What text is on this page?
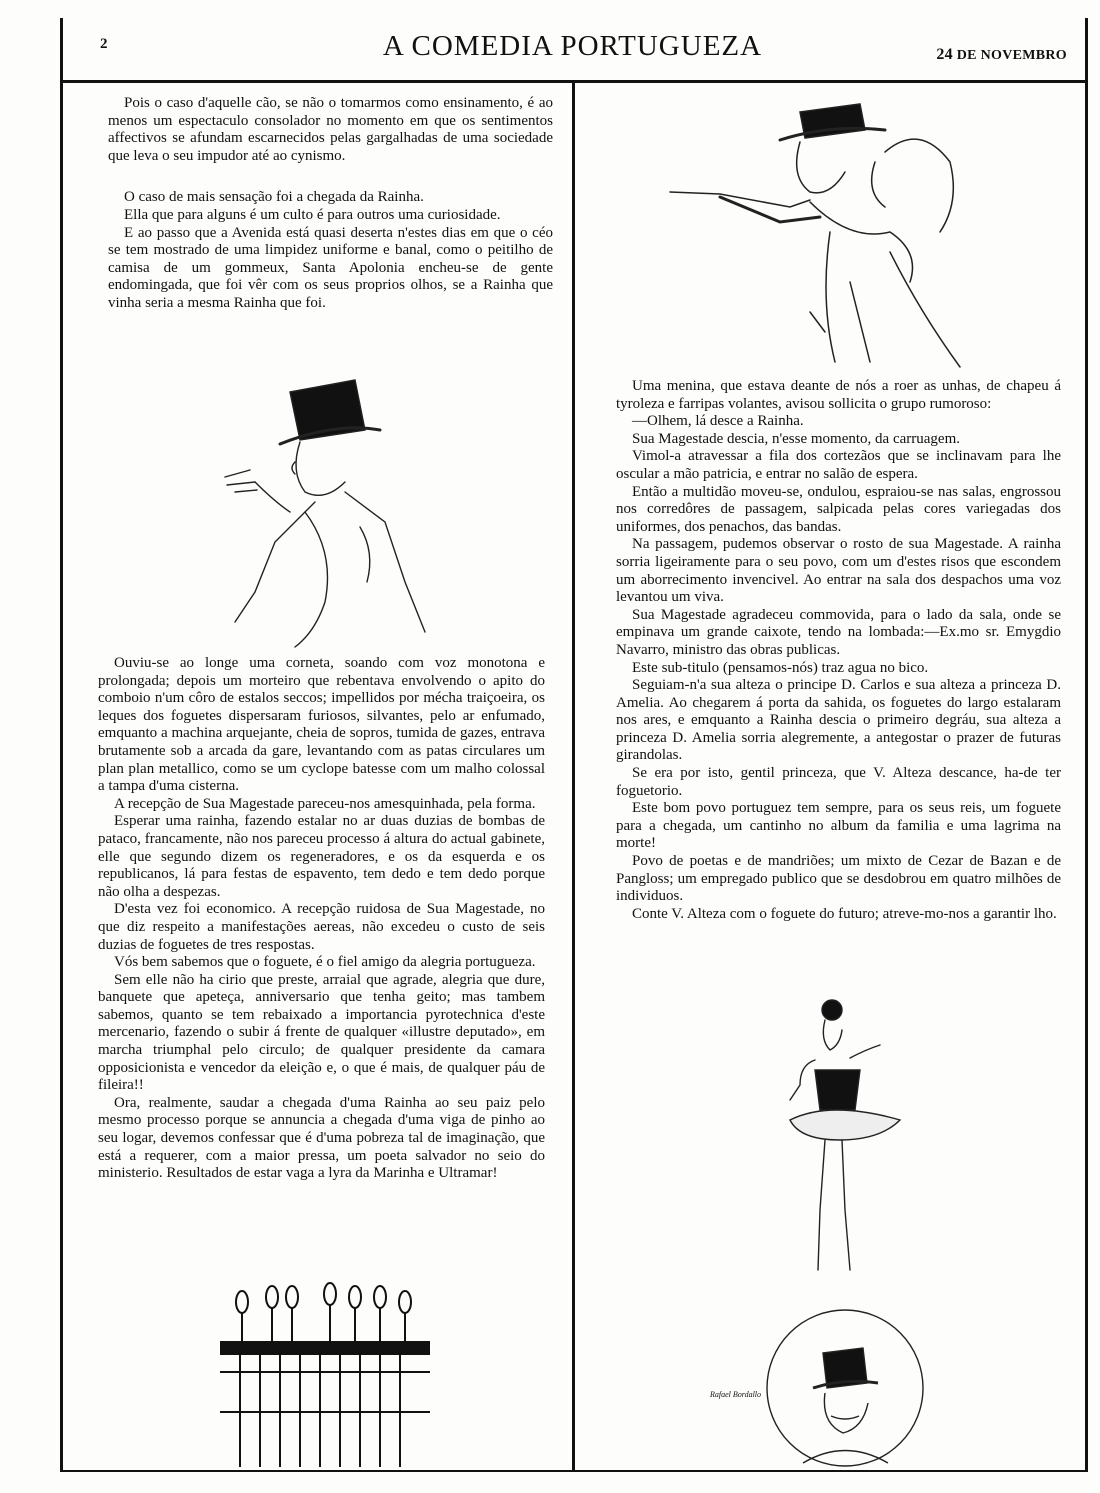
2	A COMEDIA PORTUGUEZA	24 DE NOVEMBRO

Pois o caso d'aquelle cão, se não o tomarmos como ensinamento, é ao menos um espectaculo consolador no momento em que os sentimentos affectivos se afundam escarnecidos pelas gargalhadas de uma sociedade que leva o seu impudor até ao cynismo.

O caso de mais sensação foi a chegada da Rainha.

Ella que para alguns é um culto é para outros uma curiosidade.

E ao passo que a Avenida está quasi deserta n'estes dias em que o céo se tem mostrado de uma limpidez uniforme e banal, como o peitilho de camisa de um gommeux, Santa Apolonia encheu-se de gente endomingada, que foi vêr com os seus proprios olhos, se a Rainha que vinha seria a mesma Rainha que foi.

Ouviu-se ao longe uma corneta, soando com voz monotona e prolongada; depois um morteiro que rebentava envolvendo o apito do comboio n'um côro de estalos seccos; impellidos por mécha traiçoeira, os leques dos foguetes dispersaram furiosos, silvantes, pelo ar enfumado, emquanto a machina arquejante, cheia de sopros, tumida de gazes, entrava brutamente sob a arcada da gare, levantando com as patas circulares um plan plan metallico, como se um cyclope batesse com um malho colossal a tampa d'uma cisterna.

A recepção de Sua Magestade pareceu-nos amesquinhada, pela forma.

Esperar uma rainha, fazendo estalar no ar duas duzias de bombas de pataco, francamente, não nos pareceu processo á altura do actual gabinete, elle que segundo dizem os regeneradores, e os da esquerda e os republicanos, lá para festas de espavento, tem dedo e tem dedo porque não olha a despezas.

D'esta vez foi economico. A recepção ruidosa de Sua Magestade, no que diz respeito a manifestações aereas, não excedeu o custo de seis duzias de foguetes de tres respostas.

Vós bem sabemos que o foguete, é o fiel amigo da alegria portugueza.

Sem elle não ha cirio que preste, arraial que agrade, alegria que dure, banquete que apeteça, anniversario que tenha geito; mas tambem sabemos, quanto se tem rebaixado a importancia pyrotechnica d'este mercenario, fazendo o subir á frente de qualquer «illustre deputado», em marcha triumphal pelo circulo; de qualquer presidente da camara opposicionista e vencedor da eleição e, o que é mais, de qualquer páu de fileira!!

Ora, realmente, saudar a chegada d'uma Rainha ao seu paiz pelo mesmo processo porque se annuncia a chegada d'uma viga de pinho ao seu logar, devemos confessar que é d'uma pobreza tal de imaginação, que está a requerer, com a maior pressa, um poeta salvador no seio do ministerio. Resultados de estar vaga a lyra da Marinha e Ultramar!

Uma menina, que estava deante de nós a roer as unhas, de chapeu á tyroleza e farripas volantes, avisou sollicita o grupo rumoroso:

—Olhem, lá desce a Rainha.

Sua Magestade descia, n'esse momento, da carruagem.

Vimol-a atravessar a fila dos cortezãos que se inclinavam para lhe oscular a mão patricia, e entrar no salão de espera.

Então a multidão moveu-se, ondulou, espraiou-se nas salas, engrossou nos corredôres de passagem, salpicada pelas cores variegadas dos uniformes, dos penachos, das bandas.

Na passagem, pudemos observar o rosto de sua Magestade. A rainha sorria ligeiramente para o seu povo, com um d'estes risos que escondem um aborrecimento invencivel. Ao entrar na sala dos despachos uma voz levantou um viva.

Sua Magestade agradeceu commovida, para o lado da sala, onde se empinava um grande caixote, tendo na lombada:—Ex.mo sr. Emygdio Navarro, ministro das obras publicas.

Este sub-titulo (pensamos-nós) traz agua no bico.

Seguiam-n'a sua alteza o principe D. Carlos e sua alteza a princeza D. Amelia. Ao chegarem á porta da sahida, os foguetes do largo estalaram nos ares, e emquanto a Rainha descia o primeiro degráu, sua alteza a princeza D. Amelia sorria alegremente, a antegostar o prazer de futuras girandolas.

Se era por isto, gentil princeza, que V. Alteza descance, ha-de ter foguetorio.

Este bom povo portuguez tem sempre, para os seus reis, um foguete para a chegada, um cantinho no album da familia e uma lagrima na morte!

Povo de poetas e de mandriões; um mixto de Cezar de Bazan e de Pangloss; um empregado publico que se desdobrou em quatro milhões de individuos.

Conte V. Alteza com o foguete do futuro; atreve-mo-nos a garantir lho.

Rafael Bordallo
